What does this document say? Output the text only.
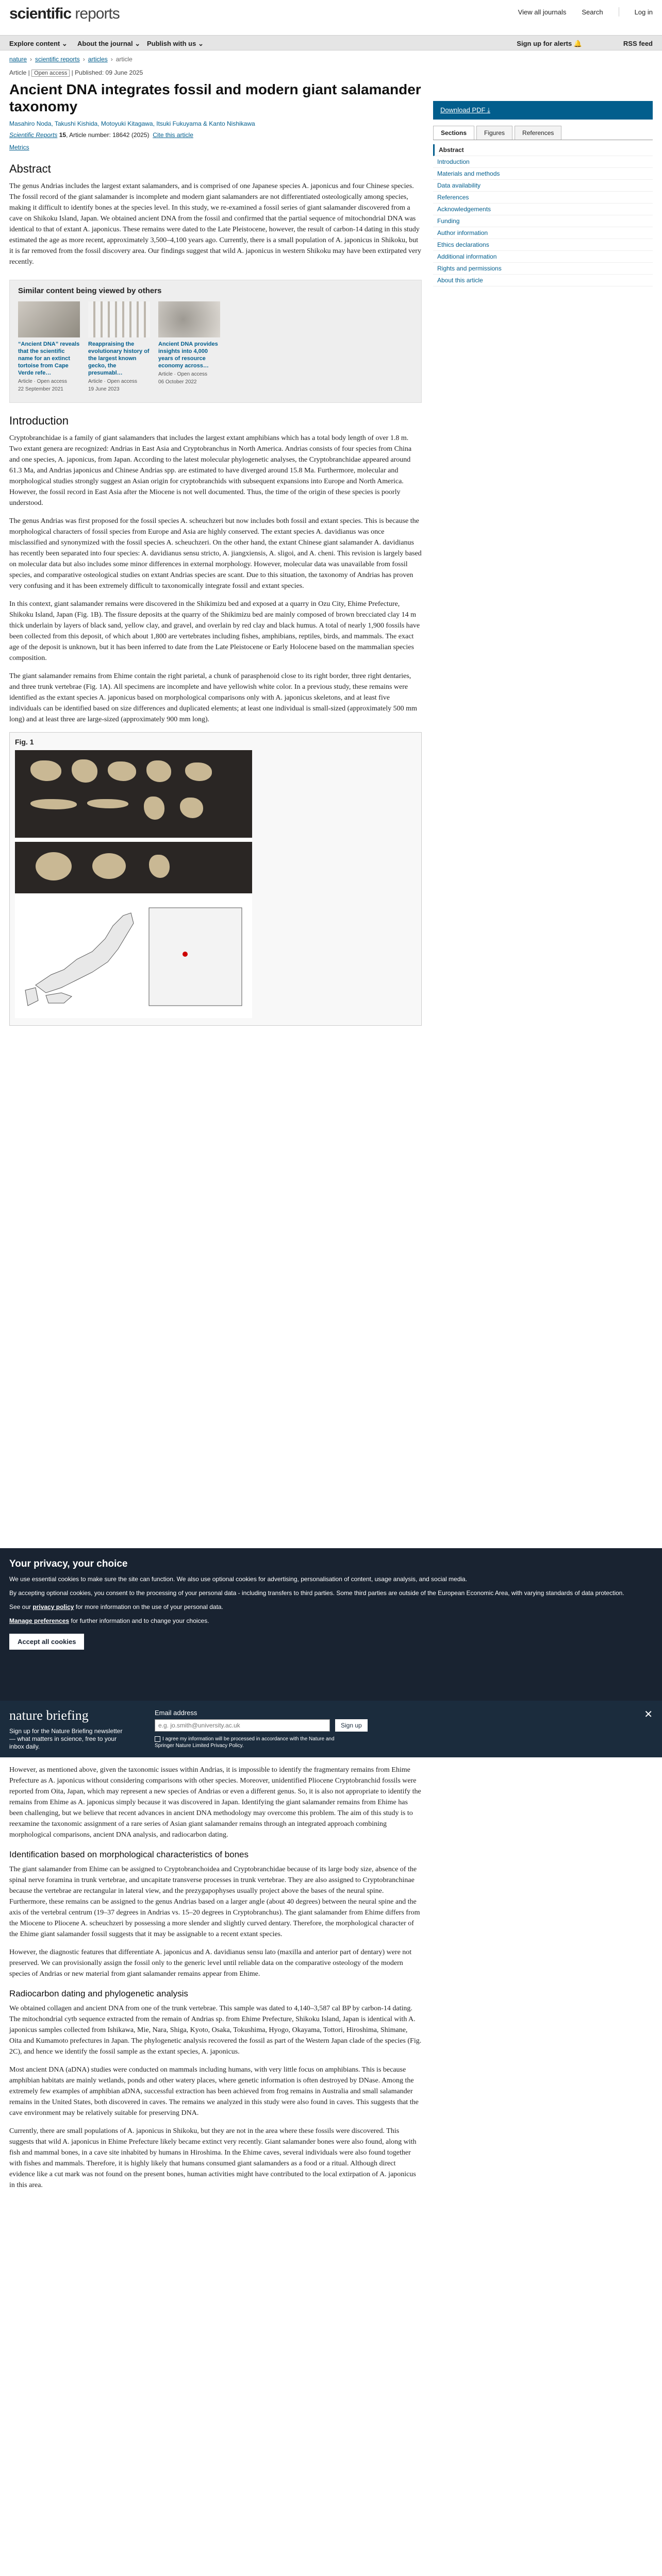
scientific reports	View all journals Search	Log in
Explore content ⌄ About the journal ⌄ Publish with us ⌄	Sign up for alerts 🔔	RSS feed
nature › scientific reports › articles › article
Article | Open access | Published: 09 June 2025
Ancient DNA integrates fossil and modern giant salamander taxonomy
Masahiro Noda, Takushi Kishida, Motoyuki Kitagawa, Itsuki Fukuyama & Kanto Nishikawa
Scientific Reports 15, Article number: 18642 (2025) Cite this article
Metrics
Abstract

The genus Andrias includes the largest extant salamanders, and is comprised of one Japanese species A. japonicus and four Chinese species. The fossil record of the giant salamander is incomplete and modern giant salamanders are not differentiated osteologically among species, making it difficult to identify bones at the species level. In this study, we re-examined a fossil series of giant salamander discovered from a cave on Shikoku Island, Japan. We obtained ancient DNA from the fossil and confirmed that the partial sequence of mitochondrial DNA was identical to that of extant A. japonicus. These remains were dated to the Late Pleistocene, however, the result of carbon-14 dating in this study estimated the age as more recent, approximately 3,500–4,100 years ago. Currently, there is a small population of A. japonicus in Shikoku, but it is far removed from the fossil discovery area. Our findings suggest that wild A. japonicus in western Shikoku may have been extirpated very recently.

Similar content being viewed by others
“Ancient DNA” reveals that the scientific name for an extinct tortoise from Cape Verde refe…
Article · Open access
22 September 2021
Reappraising the evolutionary history of the largest known gecko, the presumabl…
Article · Open access
19 June 2023
Ancient DNA provides insights into 4,000 years of resource economy across…
Article · Open access
06 October 2022
Introduction

Cryptobranchidae is a family of giant salamanders that includes the largest extant amphibians which has a total body length of over 1.8 m. Two extant genera are recognized: Andrias in East Asia and Cryptobranchus in North America. Andrias consists of four species from China and one species, A. japonicus, from Japan. According to the latest molecular phylogenetic analyses, the Cryptobranchidae appeared around 61.3 Ma, and Andrias japonicus and Chinese Andrias spp. are estimated to have diverged around 15.8 Ma. Furthermore, molecular and morphological studies strongly suggest an Asian origin for cryptobranchids with subsequent expansions into Europe and North America. However, the fossil record in East Asia after the Miocene is not well documented. Thus, the time of the origin of these species is poorly understood.

The genus Andrias was first proposed for the fossil species A. scheuchzeri but now includes both fossil and extant species. This is because the morphological characters of fossil species from Europe and Asia are highly conserved. The extant species A. davidianus was once misclassified and synonymized with the fossil species A. scheuchzeri. On the other hand, the extant Chinese giant salamander A. davidianus has recently been separated into four species: A. davidianus sensu stricto, A. jiangxiensis, A. sligoi, and A. cheni. This revision is largely based on molecular data but also includes some minor differences in external morphology. However, molecular data was unavailable from fossil species, and comparative osteological studies on extant Andrias species are scant. Due to this situation, the taxonomy of Andrias has proven very confusing and it has been extremely difficult to taxonomically integrate fossil and extant species.

In this context, giant salamander remains were discovered in the Shikimizu bed and exposed at a quarry in Ozu City, Ehime Prefecture, Shikoku Island, Japan (Fig. 1B). The fissure deposits at the quarry of the Shikimizu bed are mainly composed of brown brecciated clay 14 m thick underlain by layers of black sand, yellow clay, and gravel, and overlain by red clay and black humus. A total of nearly 1,900 fossils have been collected from this deposit, of which about 1,800 are vertebrates including fishes, amphibians, reptiles, birds, and mammals. The exact age of the deposit is unknown, but it has been inferred to date from the Late Pleistocene or Early Holocene based on the mammalian species composition.

The giant salamander remains from Ehime contain the right parietal, a chunk of parasphenoid close to its right border, three right dentaries, and three trunk vertebrae (Fig. 1A). All specimens are incomplete and have yellowish white color. In a previous study, these remains were identified as the extant species A. japonicus based on morphological comparisons only with A. japonicus skeletons, and at least five individuals can be identified based on size differences and duplicated elements; at least one individual is small-sized (approximately 500 mm long) and at least three are large-sized (approximately 900 mm long).

Fig. 1
Download PDF ⤓
Sections	Figures	References
Abstract
Introduction
Materials and methods
Data availability
References
Acknowledgements
Funding
Author information
Ethics declarations
Additional information
Rights and permissions
About this article
Your privacy, your choice

We use essential cookies to make sure the site can function. We also use optional cookies for advertising, personalisation of content, usage analysis, and social media.

By accepting optional cookies, you consent to the processing of your personal data - including transfers to third parties. Some third parties are outside of the European Economic Area, with varying standards of data protection.

See our privacy policy for more information on the use of your personal data.

Manage preferences for further information and to change your choices.

Accept all cookies
nature briefing
Sign up for the Nature Briefing newsletter — what matters in science, free to your inbox daily.
Email address
e.g. jo.smith@university.ac.uk
Sign up
I agree my information will be processed in accordance with the Nature and Springer Nature Limited Privacy Policy.
✕

However, as mentioned above, given the taxonomic issues within Andrias, it is impossible to identify the fragmentary remains from Ehime Prefecture as A. japonicus without considering comparisons with other species. Moreover, unidentified Pliocene Cryptobranchid fossils were reported from Oita, Japan, which may represent a new species of Andrias or even a different genus. So, it is also not appropriate to identify the remains from Ehime as A. japonicus simply because it was discovered in Japan. Identifying the giant salamander remains from Ehime has been challenging, but we believe that recent advances in ancient DNA methodology may overcome this problem. The aim of this study is to reexamine the taxonomic assignment of a rare series of Asian giant salamander remains through an integrated approach combining morphological comparisons, ancient DNA analysis, and radiocarbon dating.

Identification based on morphological characteristics of bones

The giant salamander from Ehime can be assigned to Cryptobranchoidea and Cryptobranchidae because of its large body size, absence of the spinal nerve foramina in trunk vertebrae, and uncapitate transverse processes in trunk vertebrae. They are also assigned to Cryptobranchinae because the vertebrae are rectangular in lateral view, and the prezygapophyses usually project above the bases of the neural spine. Furthermore, these remains can be assigned to the genus Andrias based on a larger angle (about 40 degrees) between the neural spine and the axis of the vertebral centrum (19–37 degrees in Andrias vs. 15–20 degrees in Cryptobranchus). The giant salamander from Ehime differs from the Miocene to Pliocene A. scheuchzeri by possessing a more slender and slightly curved dentary. Therefore, the morphological character of the Ehime giant salamander fossil suggests that it may be assignable to a recent extant species.

However, the diagnostic features that differentiate A. japonicus and A. davidianus sensu lato (maxilla and anterior part of dentary) were not preserved. We can provisionally assign the fossil only to the generic level until reliable data on the comparative osteology of the modern species of Andrias or new material from giant salamander remains appear from Ehime.

Radiocarbon dating and phylogenetic analysis

We obtained collagen and ancient DNA from one of the trunk vertebrae. This sample was dated to 4,140–3,587 cal BP by carbon-14 dating. The mitochondrial cytb sequence extracted from the remain of Andrias sp. from Ehime Prefecture, Shikoku Island, Japan is identical with A. japonicus samples collected from Ishikawa, Mie, Nara, Shiga, Kyoto, Osaka, Tokushima, Hyogo, Okayama, Tottori, Hiroshima, Shimane, Oita and Kumamoto prefectures in Japan. The phylogenetic analysis recovered the fossil as part of the Western Japan clade of the species (Fig. 2C), and hence we identify the fossil sample as the extant species, A. japonicus.

Most ancient DNA (aDNA) studies were conducted on mammals including humans, with very little focus on amphibians. This is because amphibian habitats are mainly wetlands, ponds and other watery places, where genetic information is often destroyed by DNase. Among the extremely few examples of amphibian aDNA, successful extraction has been achieved from frog remains in Australia and small salamander remains in the United States, both discovered in caves. The remains we analyzed in this study were also found in caves. This suggests that the cave environment may be relatively suitable for preserving DNA.

Currently, there are small populations of A. japonicus in Shikoku, but they are not in the area where these fossils were discovered. This suggests that wild A. japonicus in Ehime Prefecture likely became extinct very recently. Giant salamander bones were also found, along with fish and mammal bones, in a cave site inhabited by humans in Hiroshima. In the Ehime caves, several individuals were also found together with fishes and mammals. Therefore, it is highly likely that humans consumed giant salamanders as a food or a ritual. Although direct evidence like a cut mark was not found on the present bones, human activities might have contributed to the local extirpation of A. japonicus in this area.
